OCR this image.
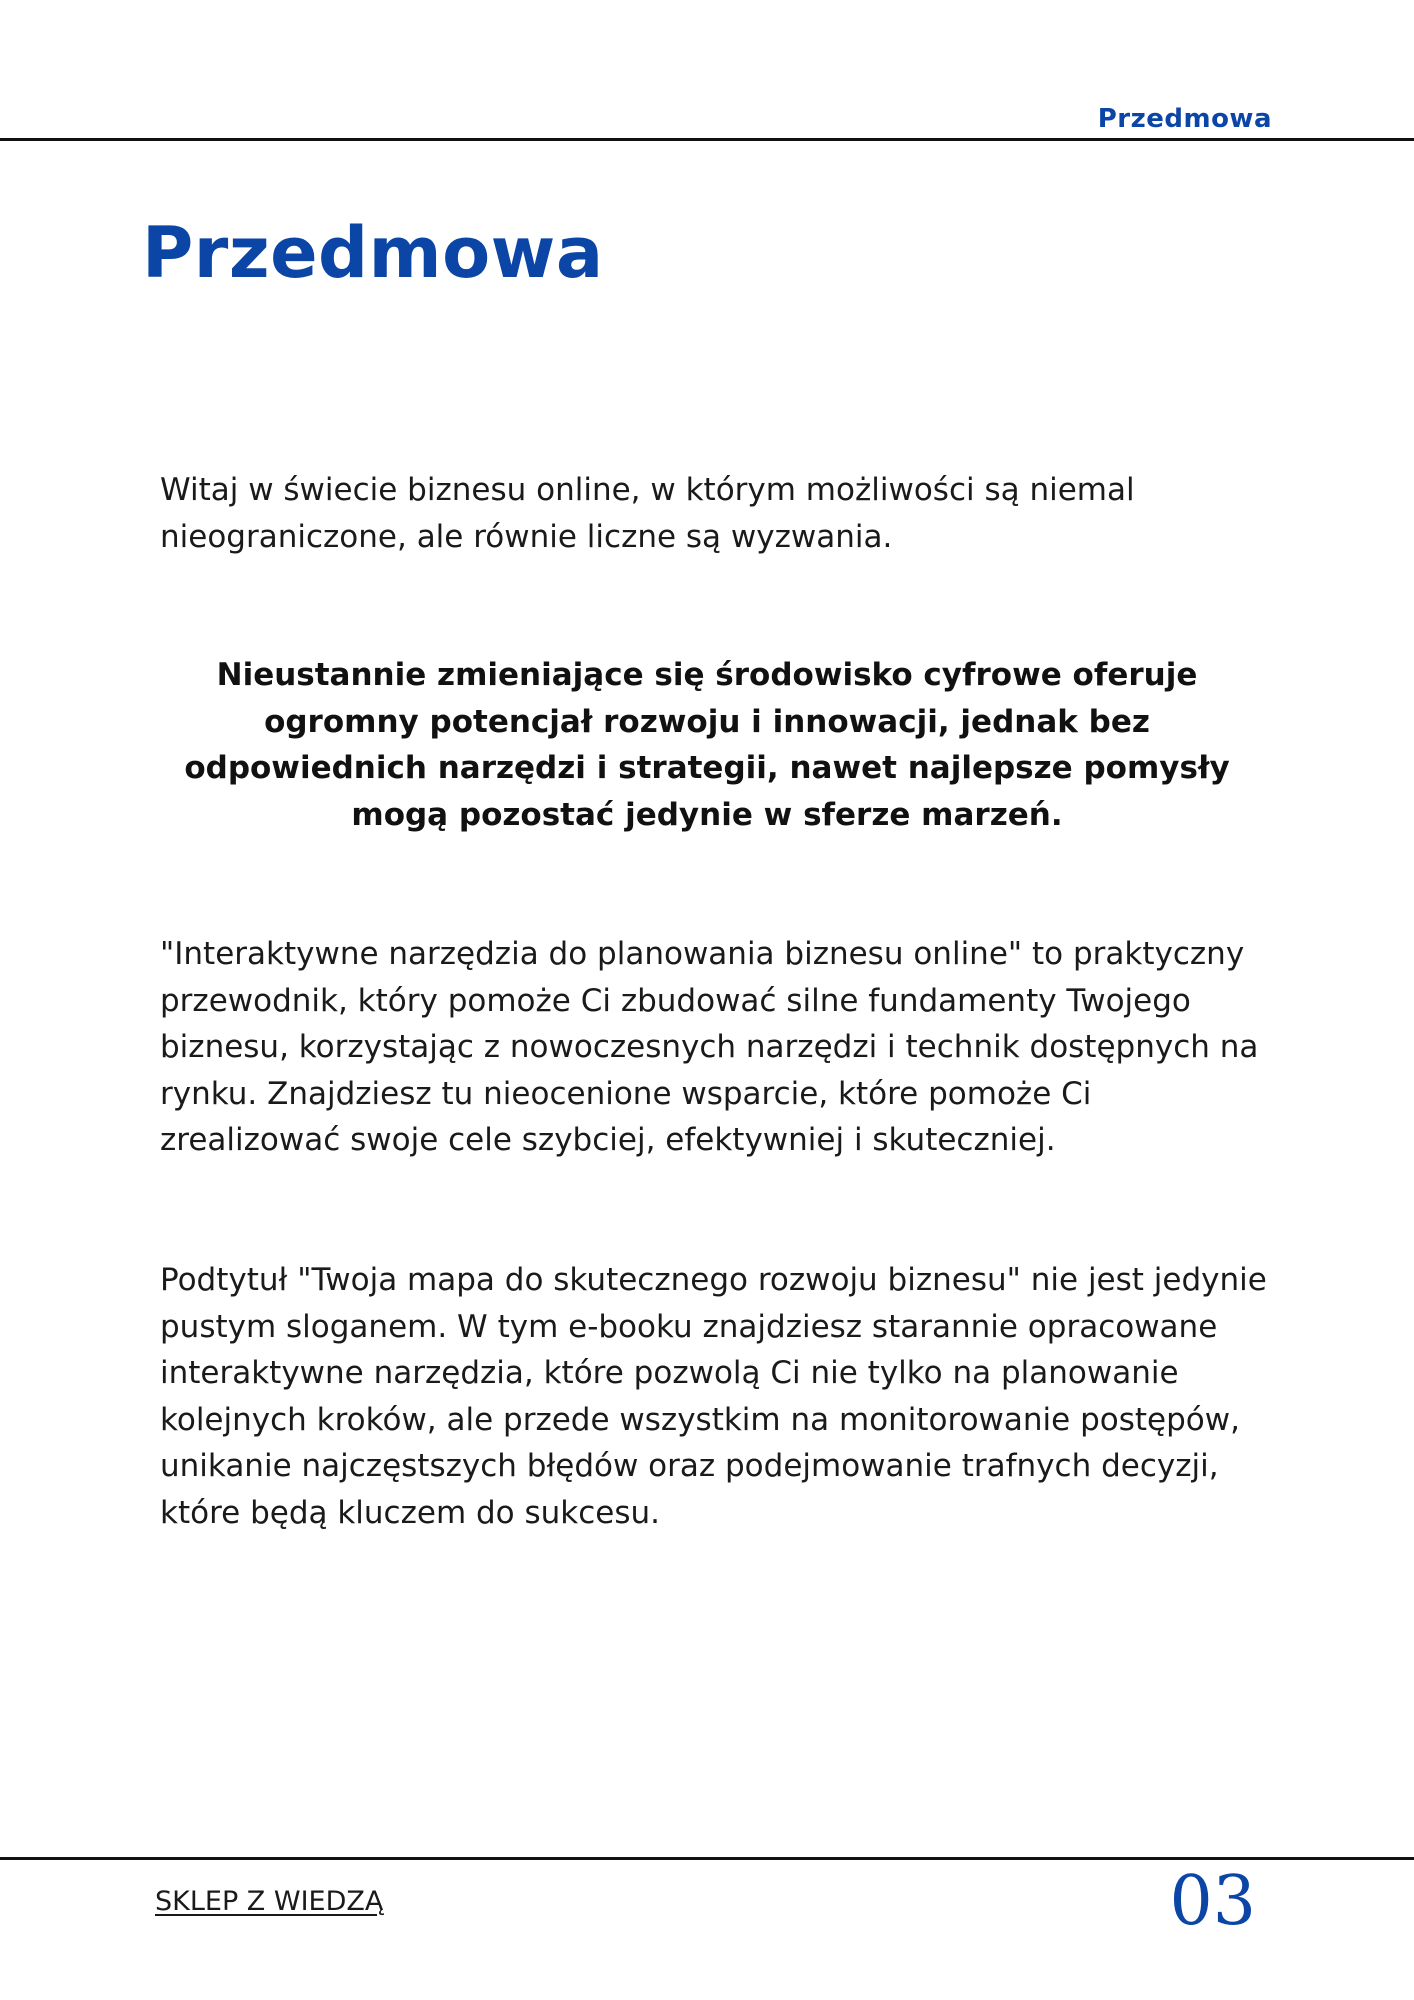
Przedmowa
Przedmowa

Witaj w świecie biznesu online, w którym możliwości są niemal nieograniczone, ale równie liczne są wyzwania.

Nieustannie zmieniające się środowisko cyfrowe oferuje ogromny potencjał rozwoju i innowacji, jednak bez odpowiednich narzędzi i strategii, nawet najlepsze pomysły mogą pozostać jedynie w sferze marzeń.

"Interaktywne narzędzia do planowania biznesu online" to praktyczny przewodnik, który pomoże Ci zbudować silne fundamenty Twojego biznesu, korzystając z nowoczesnych narzędzi i technik dostępnych na rynku. Znajdziesz tu nieocenione wsparcie, które pomoże Ci zrealizować swoje cele szybciej, efektywniej i skuteczniej.

Podtytuł "Twoja mapa do skutecznego rozwoju biznesu" nie jest jedynie pustym sloganem. W tym e-booku znajdziesz starannie opracowane interaktywne narzędzia, które pozwolą Ci nie tylko na planowanie kolejnych kroków, ale przede wszystkim na monitorowanie postępów, unikanie najczęstszych błędów oraz podejmowanie trafnych decyzji, które będą kluczem do sukcesu.

SKLEP Z WIEDZĄ	03
